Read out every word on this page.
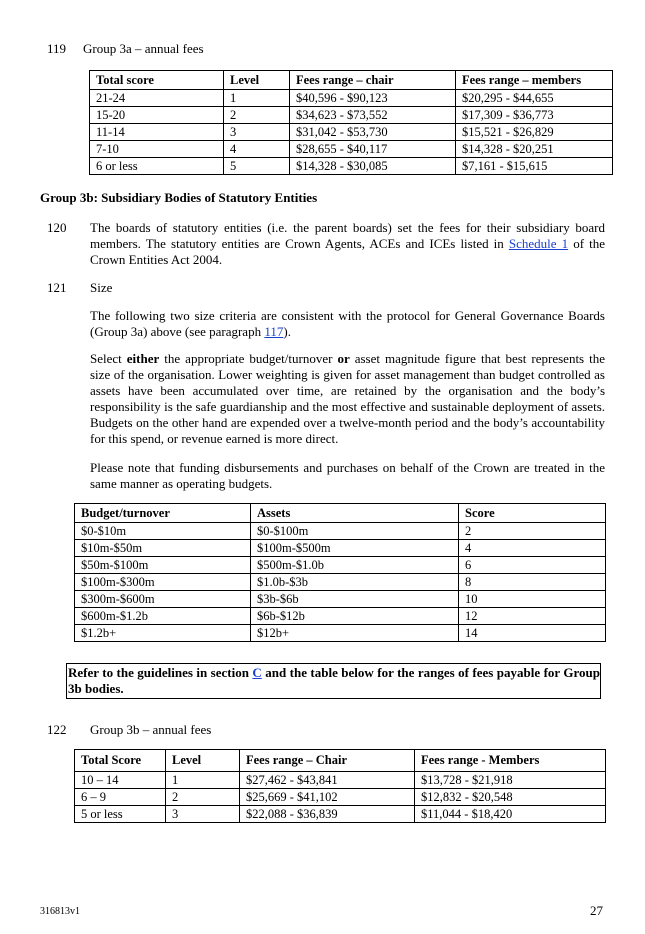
119 Group 3a – annual fees
Total score	Level	Fees range – chair	Fees range – members
21-24	1	$40,596 - $90,123	$20,295 - $44,655
15-20	2	$34,623 - $73,552	$17,309 - $36,773
11-14	3	$31,042 - $53,730	$15,521 - $26,829
7-10	4	$28,655 - $40,117	$14,328 - $20,251
6 or less	5	$14,328 - $30,085	$7,161 - $15,615
Group 3b: Subsidiary Bodies of Statutory Entities
120 The boards of statutory entities (i.e. the parent boards) set the fees for their subsidiary board members. The statutory entities are Crown Agents, ACEs and ICEs listed in Schedule 1 of the Crown Entities Act 2004.
121 Size
The following two size criteria are consistent with the protocol for General Governance Boards (Group 3a) above (see paragraph 117).
Select either the appropriate budget/turnover or asset magnitude figure that best represents the size of the organisation. Lower weighting is given for asset management than budget controlled as assets have been accumulated over time, are retained by the organisation and the body’s responsibility is the safe guardianship and the most effective and sustainable deployment of assets. Budgets on the other hand are expended over a twelve-month period and the body’s accountability for this spend, or revenue earned is more direct.
Please note that funding disbursements and purchases on behalf of the Crown are treated in the same manner as operating budgets.
Budget/turnover	Assets	Score
$0-$10m	$0-$100m	2
$10m-$50m	$100m-$500m	4
$50m-$100m	$500m-$1.0b	6
$100m-$300m	$1.0b-$3b	8
$300m-$600m	$3b-$6b	10
$600m-$1.2b	$6b-$12b	12
$1.2b+	$12b+	14
Refer to the guidelines in section C and the table below for the ranges of fees payable for Group 3b bodies.
122 Group 3b – annual fees
Total Score	Level	Fees range – Chair	Fees range - Members
10 – 14	1	$27,462 - $43,841	$13,728 - $21,918
6 – 9	2	$25,669 - $41,102	$12,832 - $20,548
5 or less	3	$22,088 - $36,839	$11,044 - $18,420
316813v1	27
